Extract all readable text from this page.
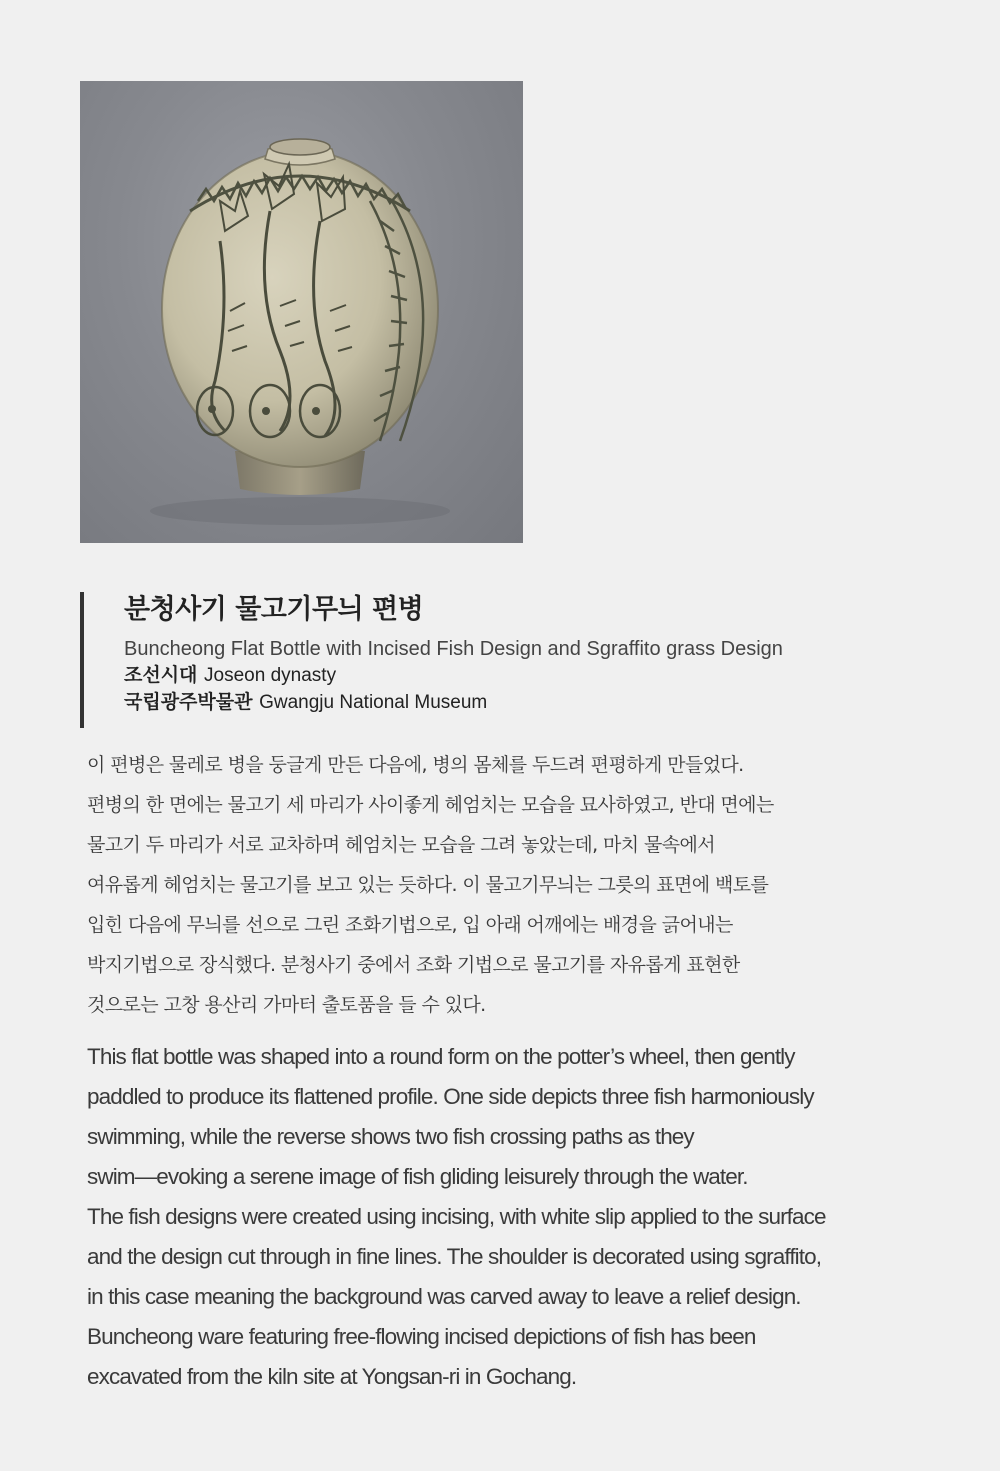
분청사기 물고기무늬 편병
Buncheong Flat Bottle with Incised Fish Design and Sgraffito grass Design
조선시대 Joseon dynasty
국립광주박물관 Gwangju National Museum
이 편병은 물레로 병을 둥글게 만든 다음에, 병의 몸체를 두드려 편평하게 만들었다.
편병의 한 면에는 물고기 세 마리가 사이좋게 헤엄치는 모습을 묘사하였고, 반대 면에는
물고기 두 마리가 서로 교차하며 헤엄치는 모습을 그려 놓았는데, 마치 물속에서
여유롭게 헤엄치는 물고기를 보고 있는 듯하다. 이 물고기무늬는 그릇의 표면에 백토를
입힌 다음에 무늬를 선으로 그린 조화기법으로, 입 아래 어깨에는 배경을 긁어내는
박지기법으로 장식했다. 분청사기 중에서 조화 기법으로 물고기를 자유롭게 표현한
것으로는 고창 용산리 가마터 출토품을 들 수 있다.
This flat bottle was shaped into a round form on the potter’s wheel, then gently
paddled to produce its flattened profile. One side depicts three fish harmoniously
swimming, while the reverse shows two fish crossing paths as they
swim—evoking a serene image of fish gliding leisurely through the water.
The fish designs were created using incising, with white slip applied to the surface
and the design cut through in fine lines. The shoulder is decorated using sgraffito,
in this case meaning the background was carved away to leave a relief design.
Buncheong ware featuring free-flowing incised depictions of fish has been
excavated from the kiln site at Yongsan-ri in Gochang.
